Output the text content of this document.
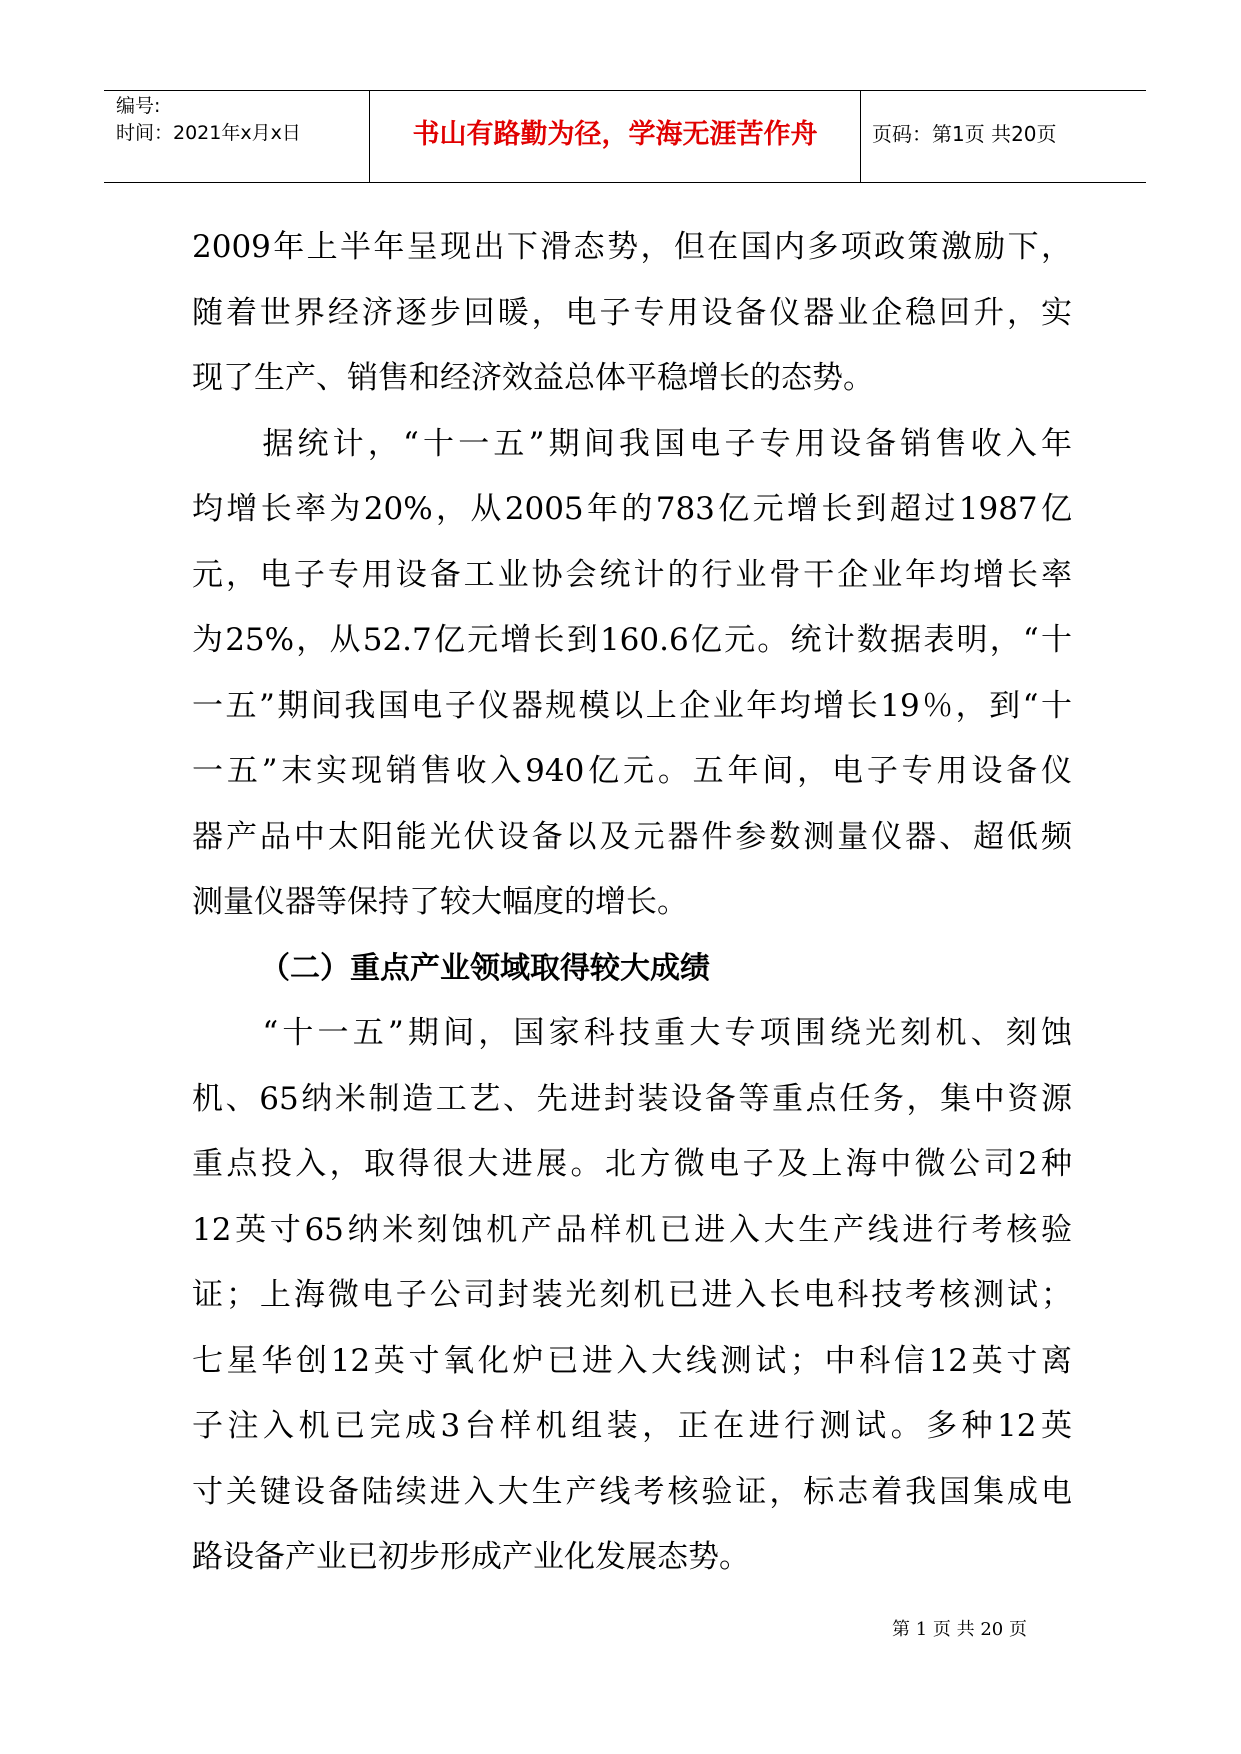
编号:
时间：2021年x月x日	书山有路勤为径，学海无涯苦作舟	页码：第1页 共20页
2009年上半年呈现出下滑态势，但在国内多项政策激励下，
随着世界经济逐步回暖，电子专用设备仪器业企稳回升，实
现了生产、销售和经济效益总体平稳增长的态势。
　　据统计，“十一五”期间我国电子专用设备销售收入年
均增长率为20%，从2005年的783亿元增长到超过1987亿
元，电子专用设备工业协会统计的行业骨干企业年均增长率
为25%，从52.7亿元增长到160.6亿元。统计数据表明，“十
一五”期间我国电子仪器规模以上企业年均增长19％，到“十
一五”末实现销售收入940亿元。五年间，电子专用设备仪
器产品中太阳能光伏设备以及元器件参数测量仪器、超低频
测量仪器等保持了较大幅度的增长。
（二）重点产业领域取得较大成绩
　　“十一五”期间，国家科技重大专项围绕光刻机、刻蚀
机、65纳米制造工艺、先进封装设备等重点任务，集中资源
重点投入，取得很大进展。北方微电子及上海中微公司2种
12英寸65纳米刻蚀机产品样机已进入大生产线进行考核验
证；上海微电子公司封装光刻机已进入长电科技考核测试；
七星华创12英寸氧化炉已进入大线测试；中科信12英寸离
子注入机已完成3台样机组装，正在进行测试。多种12英
寸关键设备陆续进入大生产线考核验证，标志着我国集成电
路设备产业已初步形成产业化发展态势。
第 1 页 共 20 页
